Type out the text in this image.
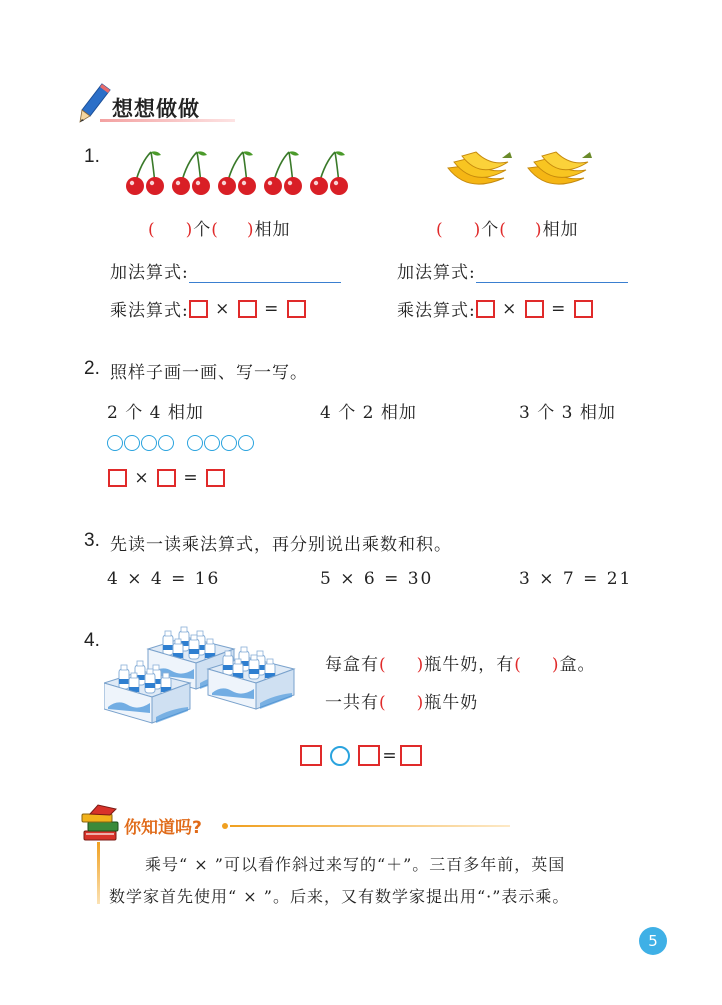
想想做做
1.
( )个( )相加
加法算式:
乘法算式: × =
( )个( )相加
加法算式:
乘法算式: × =
2. 照样子画一画、写一写。
2 个 4 相加	4 个 2 相加	3 个 3 相加
× =
3. 先读一读乘法算式，再分别说出乘数和积。
4 × 4 = 16	5 × 6 = 30	3 × 7 = 21
4.
每盒有( )瓶牛奶，有( )盒。
一共有( )瓶牛奶
=
你知道吗?
乘号“ × ”可以看作斜过来写的“＋”。三百多年前，英国
数学家首先使用“ × ”。后来，又有数学家提出用“·”表示乘。
5
